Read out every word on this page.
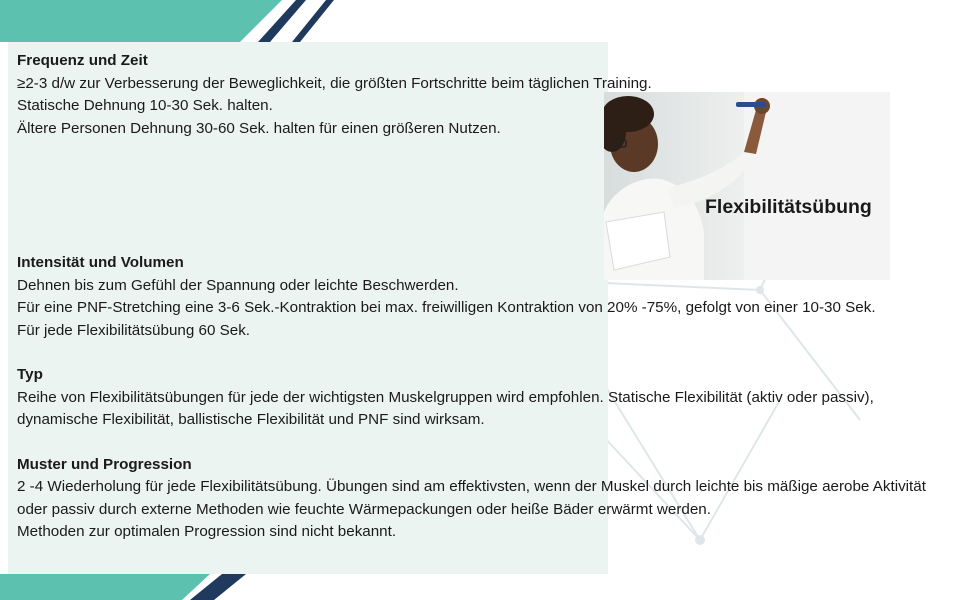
Flexibilitätsübung
Frequenz und Zeit

≥2-3 d/w zur Verbesserung der Beweglichkeit, die größten Fortschritte beim täglichen Training.

Statische Dehnung 10-30 Sek. halten.

Ältere Personen Dehnung 30-60 Sek. halten für einen größeren Nutzen.

Intensität und Volumen

Dehnen bis zum Gefühl der Spannung oder leichte Beschwerden.

Für eine PNF-Stretching eine 3-6 Sek.-Kontraktion bei max. freiwilligen Kontraktion von 20% -75%, gefolgt von einer 10-30 Sek.

Für jede Flexibilitätsübung 60 Sek.

Typ

Reihe von Flexibilitätsübungen für jede der wichtigsten Muskelgruppen wird empfohlen. Statische Flexibilität (aktiv oder passiv), dynamische Flexibilität, ballistische Flexibilität und PNF sind wirksam.

Muster und Progression

2 -4 Wiederholung für jede Flexibilitätsübung. Übungen sind am effektivsten, wenn der Muskel durch leichte bis mäßige aerobe Aktivität oder passiv durch externe Methoden wie feuchte Wärmepackungen oder heiße Bäder erwärmt werden.

Methoden zur optimalen Progression sind nicht bekannt.
